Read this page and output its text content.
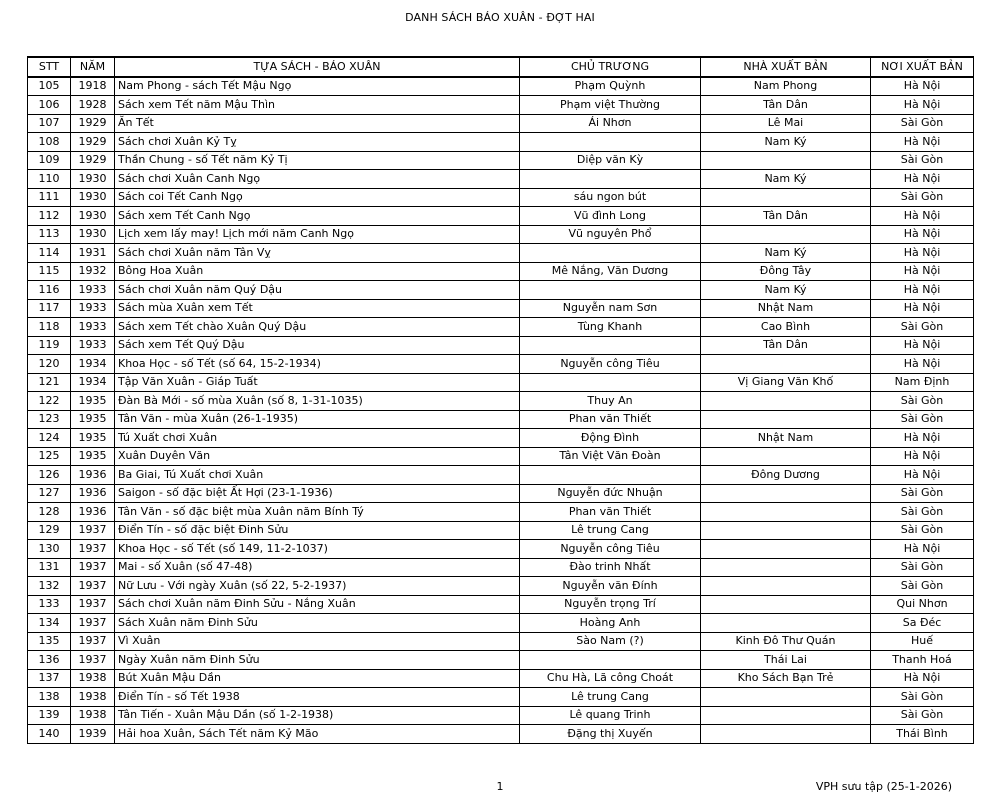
DANH SÁCH BÁO XUÂN - ĐỢT HAI
STT	NĂM	TỰA SÁCH - BÁO XUÂN	CHỦ TRƯƠNG	NHÀ XUẤT BẢN	NƠI XUẤT BẢN
105	1918	Nam Phong - sách Tết Mậu Ngọ	Phạm Quỳnh	Nam Phong	Hà Nội
106	1928	Sách xem Tết năm Mậu Thìn	Phạm việt Thường	Tân Dân	Hà Nội
107	1929	Ăn Tết	Ái Nhơn	Lê Mai	Sài Gòn
108	1929	Sách chơi Xuân Kỷ Tỵ		Nam Ký	Hà Nội
109	1929	Thần Chung - số Tết năm Kỷ Tị	Diệp văn Kỳ		Sài Gòn
110	1930	Sách chơi Xuân Canh Ngọ		Nam Ký	Hà Nội
111	1930	Sách coi Tết Canh Ngọ	sáu ngon bút		Sài Gòn
112	1930	Sách xem Tết Canh Ngọ	Vũ đình Long	Tân Dân	Hà Nội
113	1930	Lịch xem lấy may! Lịch mới năm Canh Ngọ	Vũ nguyên Phổ		Hà Nội
114	1931	Sách chơi Xuân năm Tân Vỵ		Nam Ký	Hà Nội
115	1932	Bông Hoa Xuân	Mê Nắng, Văn Dương	Đông Tây	Hà Nội
116	1933	Sách chơi Xuân năm Quý Dậu		Nam Ký	Hà Nội
117	1933	Sách mùa Xuân xem Tết	Nguyễn nam Sơn	Nhật Nam	Hà Nội
118	1933	Sách xem Tết chào Xuân Quý Dậu	Tùng Khanh	Cao Bình	Sài Gòn
119	1933	Sách xem Tết Quý Dậu		Tân Dân	Hà Nội
120	1934	Khoa Học - số Tết (số 64, 15-2-1934)	Nguyễn công Tiêu		Hà Nội
121	1934	Tập Văn Xuân - Giáp Tuất		Vị Giang Văn Khố	Nam Định
122	1935	Đàn Bà Mới - số mùa Xuân (số 8, 1-31-1035)	Thuy An		Sài Gòn
123	1935	Tân Văn - mùa Xuân (26-1-1935)	Phan văn Thiết		Sài Gòn
124	1935	Tú Xuất chơi Xuân	Động Đình	Nhật Nam	Hà Nội
125	1935	Xuân Duyên Văn	Tân Việt Văn Đoàn		Hà Nội
126	1936	Ba Giai, Tú Xuất chơi Xuân		Đông Dương	Hà Nội
127	1936	Saigon - số đặc biệt Ất Hợi (23-1-1936)	Nguyễn đức Nhuận		Sài Gòn
128	1936	Tân Văn - số đặc biệt mùa Xuân năm Bính Tý	Phan văn Thiết		Sài Gòn
129	1937	Điển Tín - số đặc biệt Đinh Sửu	Lê trung Cang		Sài Gòn
130	1937	Khoa Học - số Tết (số 149, 11-2-1037)	Nguyễn công Tiêu		Hà Nội
131	1937	Mai - số Xuân (số 47-48)	Đào trinh Nhất		Sài Gòn
132	1937	Nữ Lưu - Với ngày Xuân (số 22, 5-2-1937)	Nguyễn văn Đính		Sài Gòn
133	1937	Sách chơi Xuân năm Đinh Sửu - Nắng Xuân	Nguyễn trọng Trí		Qui Nhơn
134	1937	Sách Xuân năm Đinh Sửu	Hoàng Anh		Sa Đéc
135	1937	Vì Xuân	Sào Nam (?)	Kinh Đô Thư Quán	Huế
136	1937	Ngày Xuân năm Đinh Sửu		Thái Lai	Thanh Hoá
137	1938	Bút Xuân Mậu Dần	Chu Hà, Lã công Choát	Kho Sách Bạn Trẻ	Hà Nội
138	1938	Điển Tín - số Tết 1938	Lê trung Cang		Sài Gòn
139	1938	Tân Tiến - Xuân Mậu Dần (số 1-2-1938)	Lê quang Trinh		Sài Gòn
140	1939	Hải hoa Xuân, Sách Tết năm Kỷ Mão	Đặng thị Xuyến		Thái Bình
1	VPH sưu tập (25-1-2026)
